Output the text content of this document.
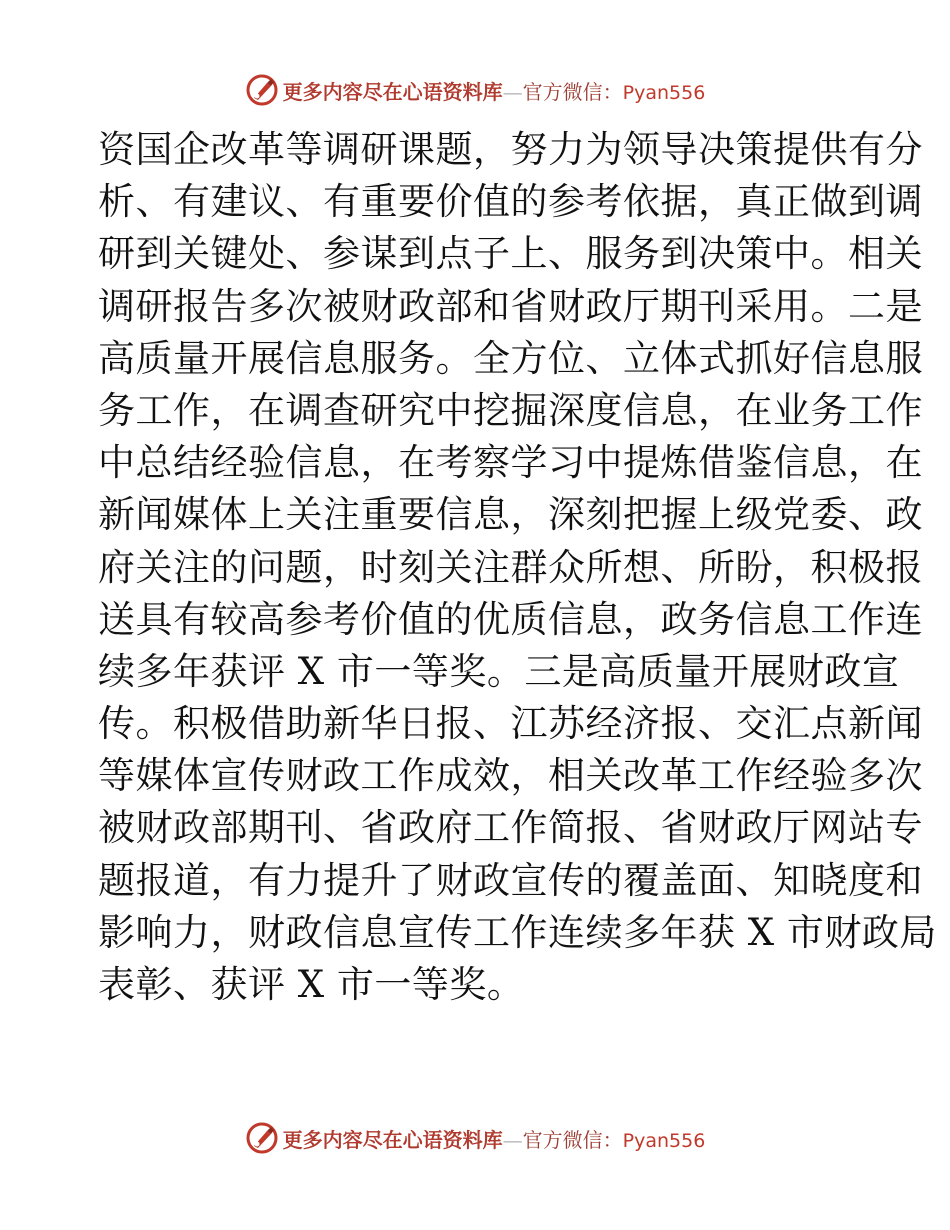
更多内容尽在心语资料库—官方微信：Pyan556
资国企改革等调研课题，努力为领导决策提供有分
析、有建议、有重要价值的参考依据，真正做到调
研到关键处、参谋到点子上、服务到决策中。相关
调研报告多次被财政部和省财政厅期刊采用。二是
高质量开展信息服务。全方位、立体式抓好信息服
务工作，在调查研究中挖掘深度信息，在业务工作
中总结经验信息，在考察学习中提炼借鉴信息，在
新闻媒体上关注重要信息，深刻把握上级党委、政
府关注的问题，时刻关注群众所想、所盼，积极报
送具有较高参考价值的优质信息，政务信息工作连
续多年获评 X 市一等奖。三是高质量开展财政宣
传。积极借助新华日报、江苏经济报、交汇点新闻
等媒体宣传财政工作成效，相关改革工作经验多次
被财政部期刊、省政府工作简报、省财政厅网站专
题报道，有力提升了财政宣传的覆盖面、知晓度和
影响力，财政信息宣传工作连续多年获 X 市财政局
表彰、获评 X 市一等奖。
更多内容尽在心语资料库—官方微信：Pyan556
